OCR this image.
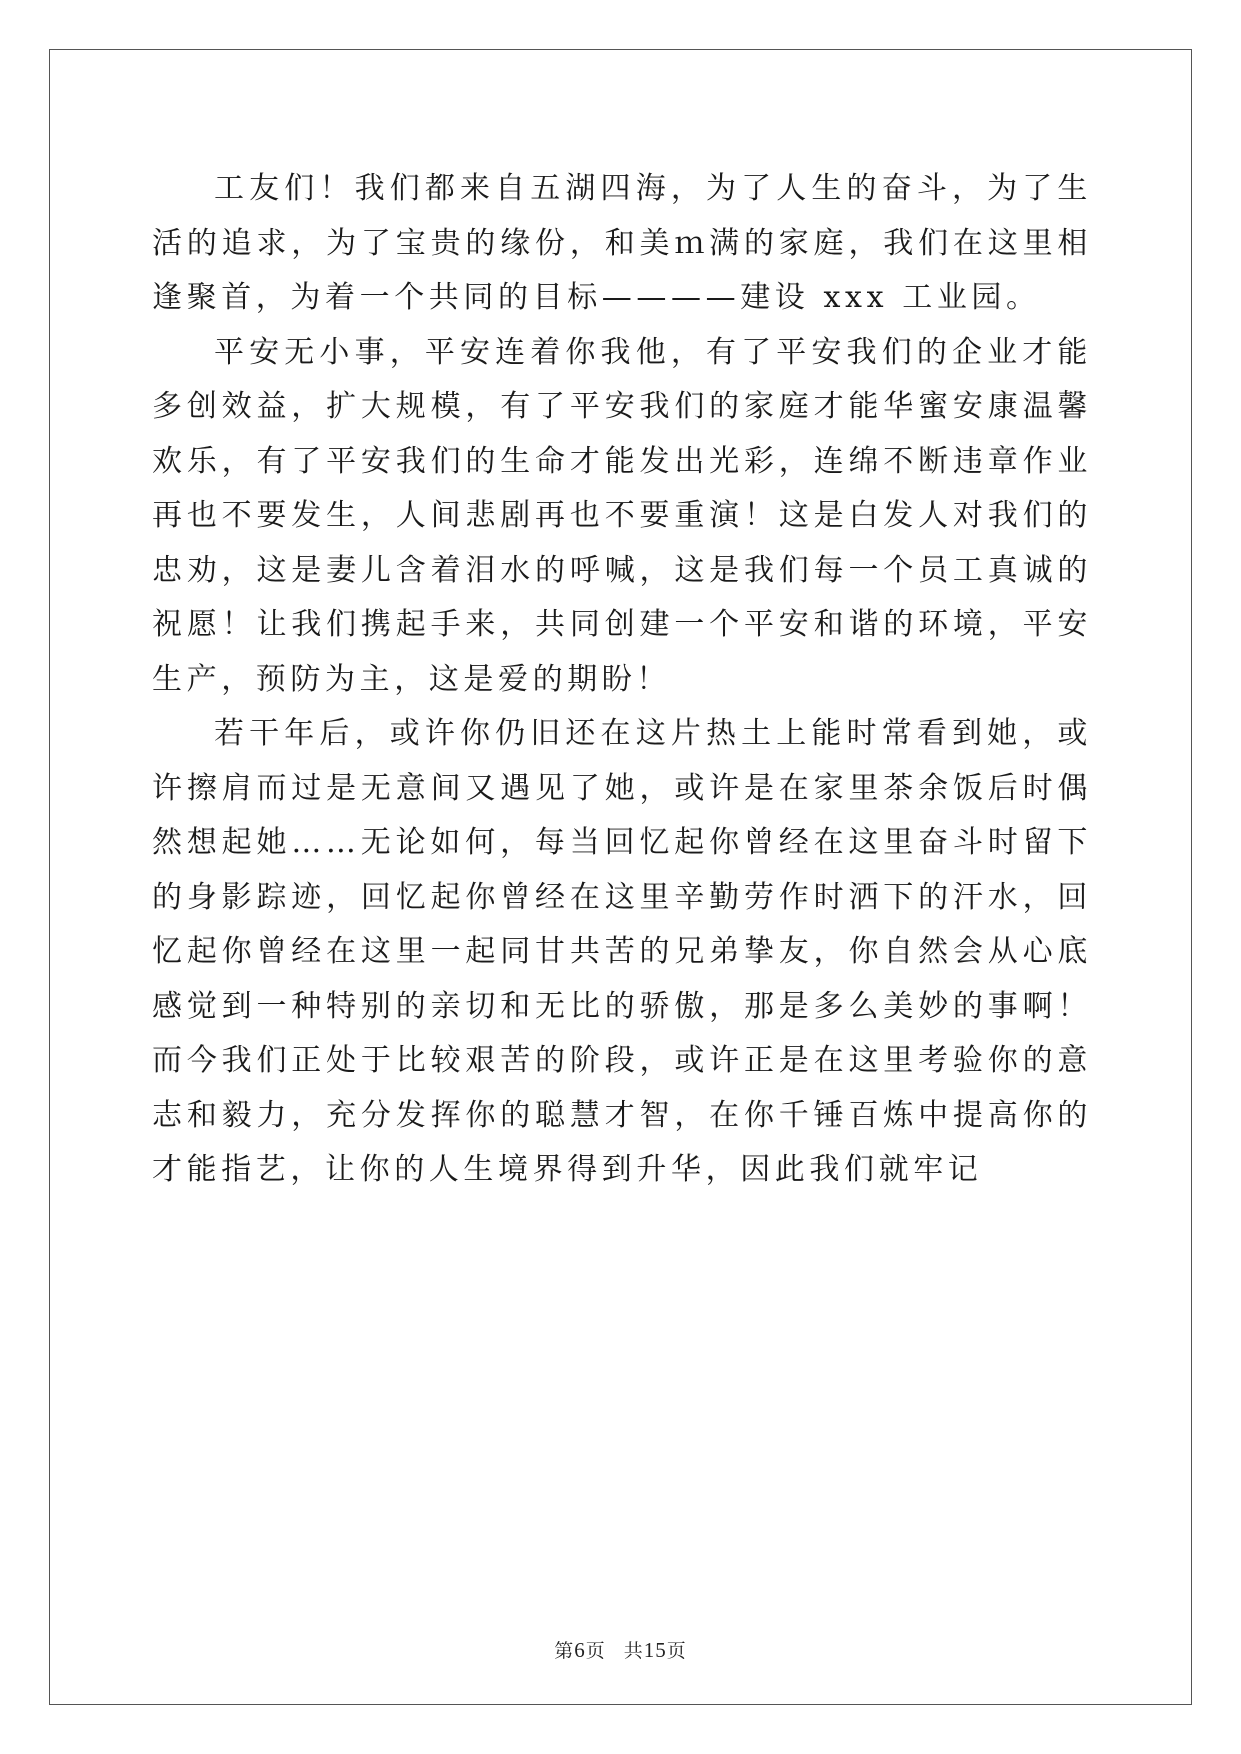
工友们！我们都来自五湖四海，为了人生的奋斗，为了生活的追求，为了宝贵的缘份，和美ｍ满的家庭，我们在这里相逢聚首，为着一个共同的目标————建设 xxx 工业园。

平安无小事，平安连着你我他，有了平安我们的企业才能多创效益，扩大规模，有了平安我们的家庭才能华蜜安康温馨欢乐，有了平安我们的生命才能发出光彩，连绵不断违章作业再也不要发生，人间悲剧再也不要重演！这是白发人对我们的忠劝，这是妻儿含着泪水的呼喊，这是我们每一个员工真诚的祝愿！让我们携起手来，共同创建一个平安和谐的环境，平安生产，预防为主，这是爱的期盼！

若干年后，或许你仍旧还在这片热土上能时常看到她，或许擦肩而过是无意间又遇见了她，或许是在家里茶余饭后时偶然想起她……无论如何，每当回忆起你曾经在这里奋斗时留下的身影踪迹，回忆起你曾经在这里辛勤劳作时洒下的汗水，回忆起你曾经在这里一起同甘共苦的兄弟挚友，你自然会从心底感觉到一种特别的亲切和无比的骄傲，那是多么美妙的事啊！而今我们正处于比较艰苦的阶段，或许正是在这里考验你的意志和毅力，充分发挥你的聪慧才智，在你千锤百炼中提高你的才能指艺，让你的人生境界得到升华，因此我们就牢记

第6页 共15页
